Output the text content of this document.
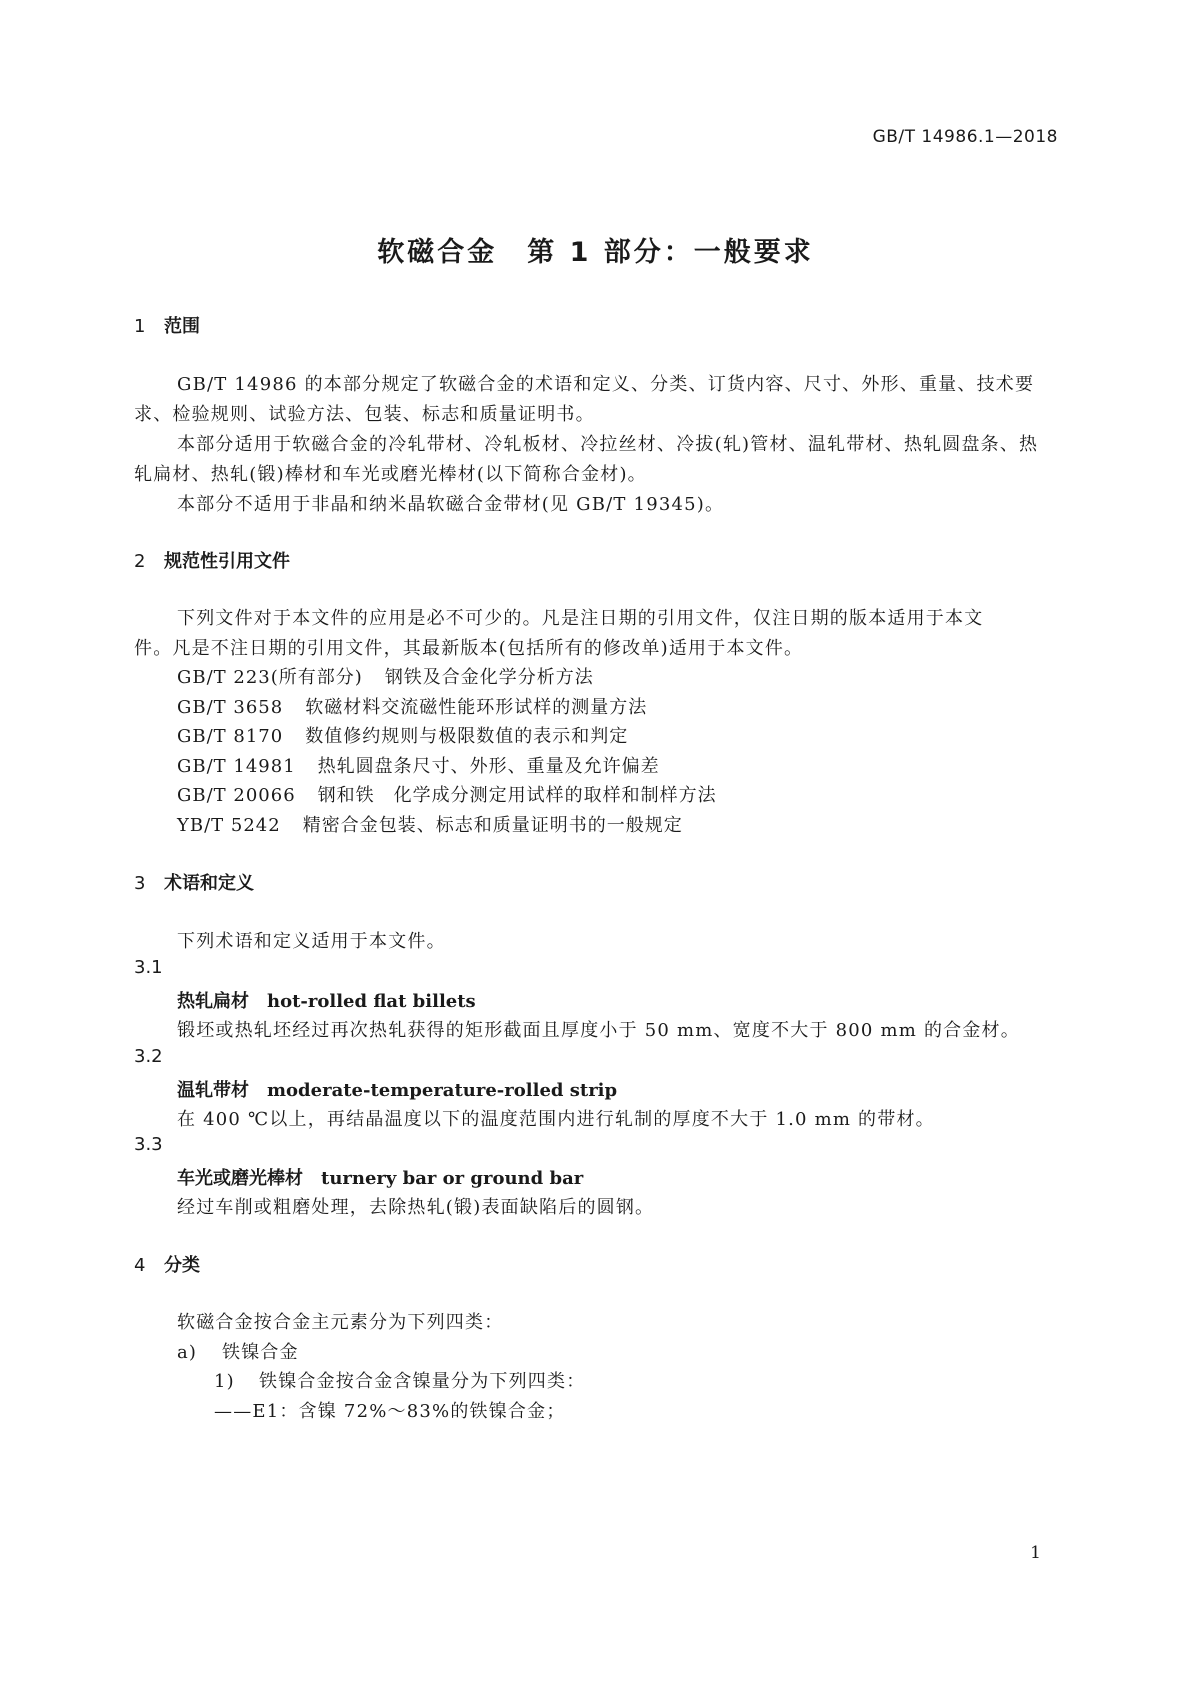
GB/T 14986.1—2018
软磁合金　第 1 部分：一般要求
1 范围
GB/T 14986 的本部分规定了软磁合金的术语和定义、分类、订货内容、尺寸、外形、重量、技术要
求、检验规则、试验方法、包装、标志和质量证明书。
本部分适用于软磁合金的冷轧带材、冷轧板材、冷拉丝材、冷拔(轧)管材、温轧带材、热轧圆盘条、热
轧扁材、热轧(锻)棒材和车光或磨光棒材(以下简称合金材)。
本部分不适用于非晶和纳米晶软磁合金带材(见 GB/T 19345)。
2 规范性引用文件
下列文件对于本文件的应用是必不可少的。凡是注日期的引用文件，仅注日期的版本适用于本文
件。凡是不注日期的引用文件，其最新版本(包括所有的修改单)适用于本文件。
GB/T 223(所有部分) 钢铁及合金化学分析方法
GB/T 3658 软磁材料交流磁性能环形试样的测量方法
GB/T 8170 数值修约规则与极限数值的表示和判定
GB/T 14981 热轧圆盘条尺寸、外形、重量及允许偏差
GB/T 20066 钢和铁　化学成分测定用试样的取样和制样方法
YB/T 5242 精密合金包装、标志和质量证明书的一般规定
3 术语和定义
下列术语和定义适用于本文件。
3.1
热轧扁材 hot-rolled flat billets
锻坯或热轧坯经过再次热轧获得的矩形截面且厚度小于 50 mm、宽度不大于 800 mm 的合金材。
3.2
温轧带材 moderate-temperature-rolled strip
在 400 ℃以上，再结晶温度以下的温度范围内进行轧制的厚度不大于 1.0 mm 的带材。
3.3
车光或磨光棒材 turnery bar or ground bar
经过车削或粗磨处理，去除热轧(锻)表面缺陷后的圆钢。
4 分类
软磁合金按合金主元素分为下列四类：
a) 铁镍合金
1) 铁镍合金按合金含镍量分为下列四类：
——E1：含镍 72%～83%的铁镍合金；
1
